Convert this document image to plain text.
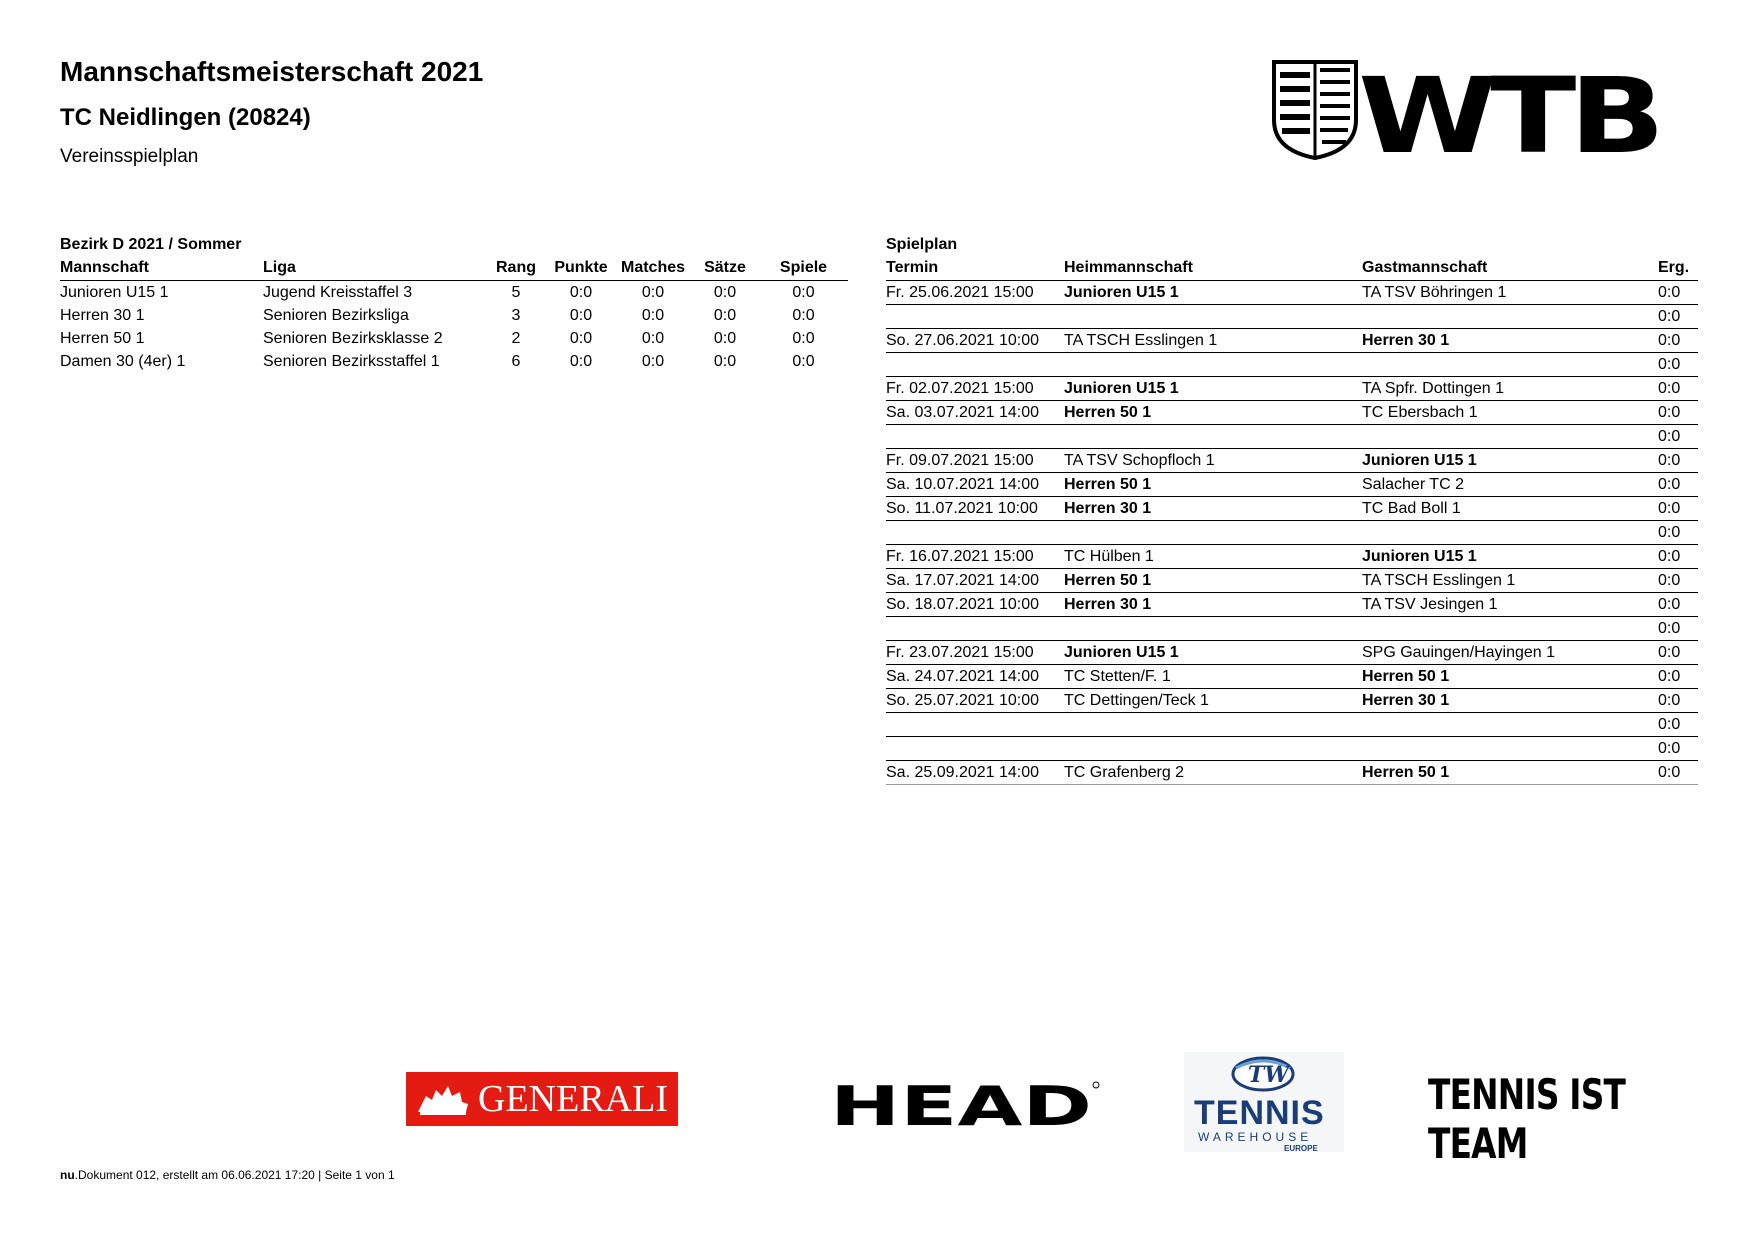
Mannschaftsmeisterschaft 2021
TC Neidlingen (20824)
Vereinsspielplan	WTB
Bezirk D 2021 / Sommer
Mannschaft	Liga	Rang	Punkte	Matches	Sätze	Spiele
Junioren U15 1	Jugend Kreisstaffel 3	5	0:0	0:0	0:0	0:0
Herren 30 1	Senioren Bezirksliga	3	0:0	0:0	0:0	0:0
Herren 50 1	Senioren Bezirksklasse 2	2	0:0	0:0	0:0	0:0
Damen 30 (4er) 1	Senioren Bezirksstaffel 1	6	0:0	0:0	0:0	0:0
Spielplan
Termin	Heimmannschaft	Gastmannschaft	Erg.
Fr. 25.06.2021 15:00	Junioren U15 1	TA TSV Böhringen 1	0:0
			0:0
So. 27.06.2021 10:00	TA TSCH Esslingen 1	Herren 30 1	0:0
			0:0
Fr. 02.07.2021 15:00	Junioren U15 1	TA Spfr. Dottingen 1	0:0
Sa. 03.07.2021 14:00	Herren 50 1	TC Ebersbach 1	0:0
			0:0
Fr. 09.07.2021 15:00	TA TSV Schopfloch 1	Junioren U15 1	0:0
Sa. 10.07.2021 14:00	Herren 50 1	Salacher TC 2	0:0
So. 11.07.2021 10:00	Herren 30 1	TC Bad Boll 1	0:0
			0:0
Fr. 16.07.2021 15:00	TC Hülben 1	Junioren U15 1	0:0
Sa. 17.07.2021 14:00	Herren 50 1	TA TSCH Esslingen 1	0:0
So. 18.07.2021 10:00	Herren 30 1	TA TSV Jesingen 1	0:0
			0:0
Fr. 23.07.2021 15:00	Junioren U15 1	SPG Gauingen/Hayingen 1	0:0
Sa. 24.07.2021 14:00	TC Stetten/F. 1	Herren 50 1	0:0
So. 25.07.2021 10:00	TC Dettingen/Teck 1	Herren 30 1	0:0
			0:0
			0:0
Sa. 25.09.2021 14:00	TC Grafenberg 2	Herren 50 1	0:0
GENERALI	HEAD	TW
TENNIS
WAREHOUSE
EUROPE
TENNIS IST TEAM
nu.Dokument 012, erstellt am 06.06.2021 17:20 | Seite 1 von 1
